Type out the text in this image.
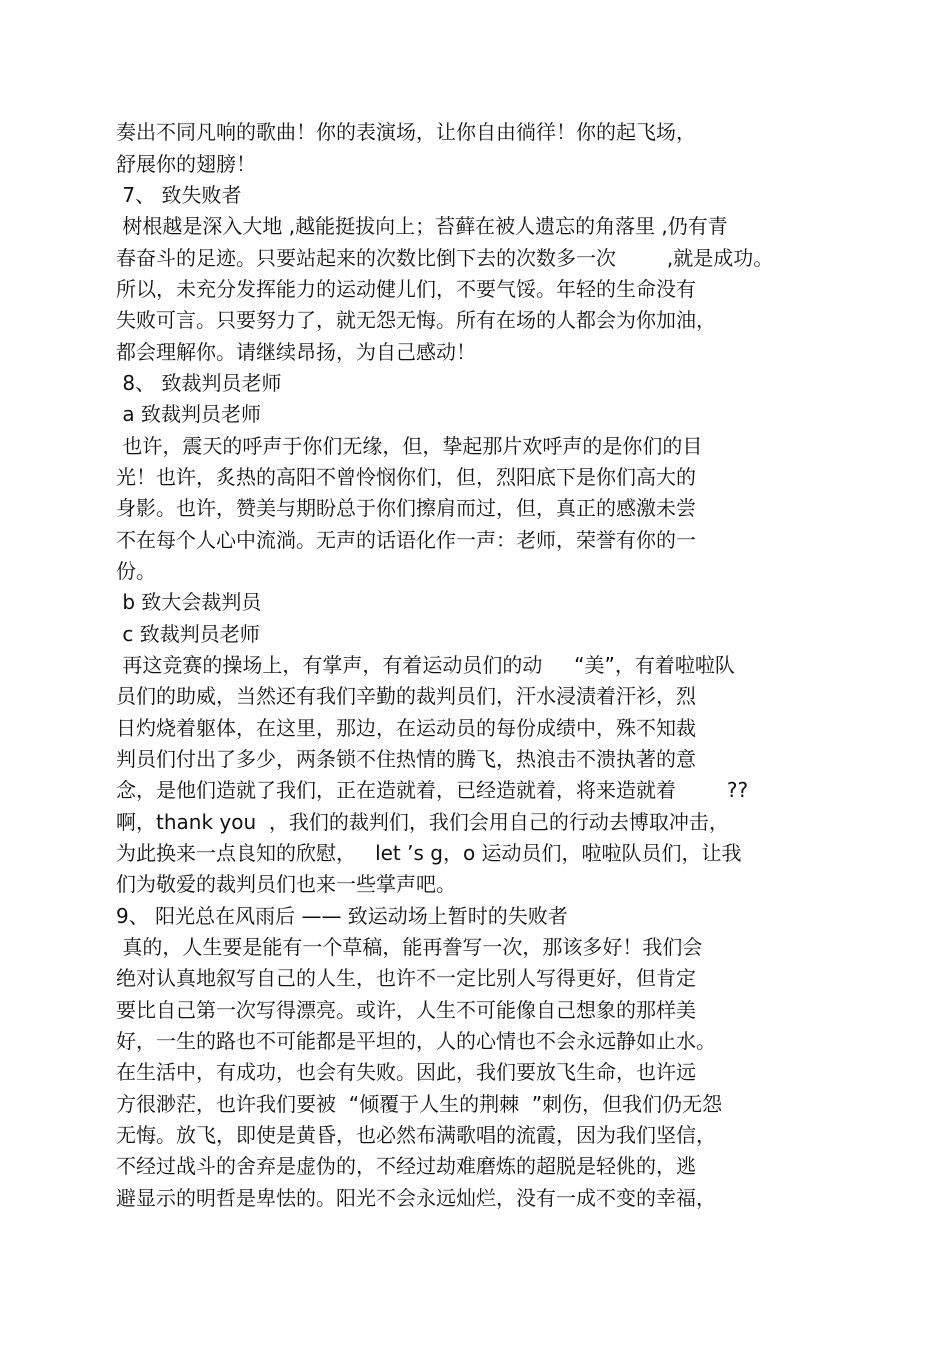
奏出不同凡响的歌曲！你的表演场，让你自由徜徉！你的起飞场，
舒展你的翅膀！
7、 致失败者
树根越是深入大地 ,越能挺拔向上；苔藓在被人遗忘的角落里 ,仍有青
春奋斗的足迹。只要站起来的次数比倒下去的次数多一次        ,就是成功。
所以，未充分发挥能力的运动健儿们，不要气馁。年轻的生命没有
失败可言。只要努力了，就无怨无悔。所有在场的人都会为你加油，
都会理解你。请继续昂扬，为自己感动！
8、 致裁判员老师
a 致裁判员老师
也许，震天的呼声于你们无缘，但，挚起那片欢呼声的是你们的目
光！也许，炙热的高阳不曾怜悯你们，但，烈阳底下是你们高大的
身影。也许，赞美与期盼总于你们擦肩而过，但，真正的感激未尝
不在每个人心中流淌。无声的话语化作一声：老师，荣誉有你的一
份。
b 致大会裁判员
c 致裁判员老师
再这竞赛的操场上，有掌声，有着运动员们的动     “美”，有着啦啦队
员们的助威，当然还有我们辛勤的裁判员们，汗水浸渍着汗衫，烈
日灼烧着躯体，在这里，那边，在运动员的每份成绩中，殊不知裁
判员们付出了多少，两条锁不住热情的腾飞，热浪击不溃执著的意
念，是他们造就了我们，正在造就着，已经造就着，将来造就着        ??
啊，thank you  ，我们的裁判们，我们会用自己的行动去博取冲击，
为此换来一点良知的欣慰，   let ’s g，o 运动员们，啦啦队员们，让我
们为敬爱的裁判员们也来一些掌声吧。
9、 阳光总在风雨后 —— 致运动场上暂时的失败者
真的，人生要是能有一个草稿，能再誊写一次，那该多好！我们会
绝对认真地叙写自己的人生，也许不一定比别人写得更好，但肯定
要比自己第一次写得漂亮。或许，人生不可能像自己想象的那样美
好，一生的路也不可能都是平坦的，人的心情也不会永远静如止水。
在生活中，有成功，也会有失败。因此，我们要放飞生命，也许远
方很渺茫，也许我们要被  “倾覆于人生的荆棘  ”刺伤，但我们仍无怨
无悔。放飞，即使是黄昏，也必然布满歌唱的流霞，因为我们坚信，
不经过战斗的舍弃是虚伪的，不经过劫难磨炼的超脱是轻佻的，逃
避显示的明哲是卑怯的。阳光不会永远灿烂，没有一成不变的幸福，
